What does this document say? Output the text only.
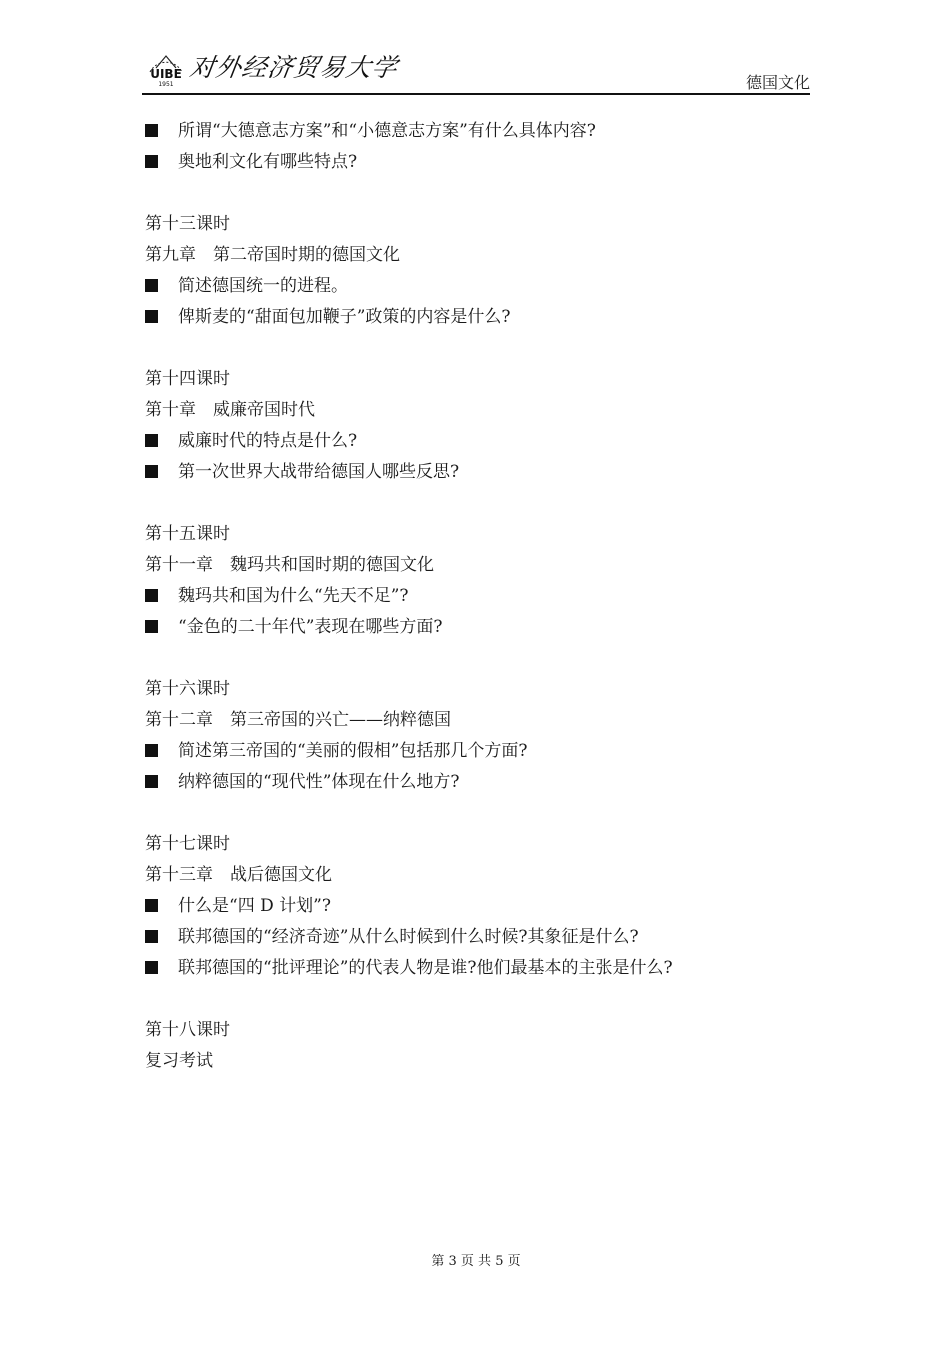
UIBE
1951
对外经济贸易大学
德国文化
所谓“大德意志方案”和“小德意志方案”有什么具体内容?
奥地利文化有哪些特点?
第十三课时
第九章　第二帝国时期的德国文化
简述德国统一的进程。
俾斯麦的“甜面包加鞭子”政策的内容是什么?
第十四课时
第十章　威廉帝国时代
威廉时代的特点是什么?
第一次世界大战带给德国人哪些反思?
第十五课时
第十一章　魏玛共和国时期的德国文化
魏玛共和国为什么“先天不足”?
“金色的二十年代”表现在哪些方面?
第十六课时
第十二章　第三帝国的兴亡——纳粹德国
简述第三帝国的“美丽的假相”包括那几个方面?
纳粹德国的“现代性”体现在什么地方?
第十七课时
第十三章　战后德国文化
什么是“四 D 计划”?
联邦德国的“经济奇迹”从什么时候到什么时候?其象征是什么?
联邦德国的“批评理论”的代表人物是谁?他们最基本的主张是什么?
第十八课时
复习考试
第 3 页 共 5 页
